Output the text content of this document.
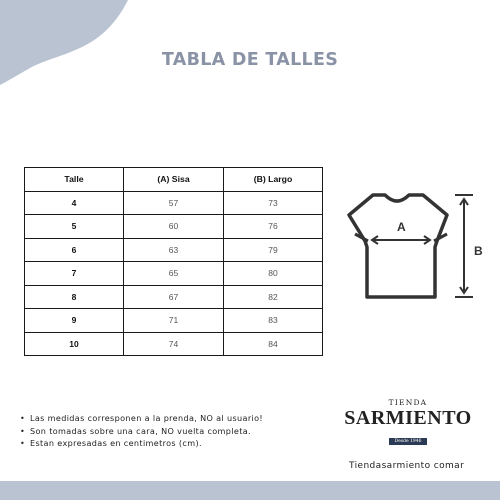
TABLA DE TALLES
Talle	(A) Sisa	(B) Largo
4	57	73
5	60	76
6	63	79
7	65	80
8	67	82
9	71	83
10	74	84
A
B
• Las medidas corresponen a la prenda, NO al usuario!
• Son tomadas sobre una cara, NO vuelta completa.
• Estan expresadas en centimetros (cm).
TIENDA
SARMIENTO
Desde 1946
Tiendasarmiento comar
